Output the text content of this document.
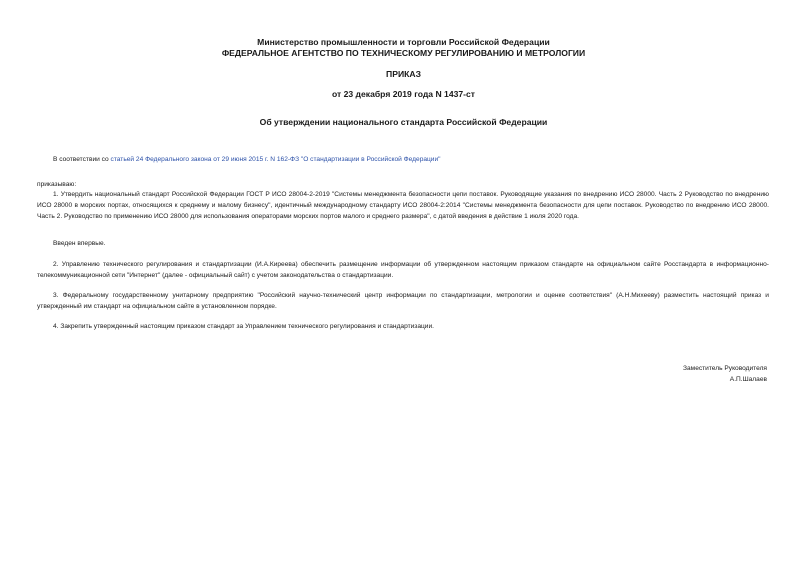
Министерство промышленности и торговли Российской Федерации
ФЕДЕРАЛЬНОЕ АГЕНТСТВО ПО ТЕХНИЧЕСКОМУ РЕГУЛИРОВАНИЮ И МЕТРОЛОГИИ
ПРИКАЗ
от 23 декабря 2019 года N 1437-ст
Об утверждении национального стандарта Российской Федерации
В соответствии со статьей 24 Федерального закона от 29 июня 2015 г. N 162-ФЗ "О стандартизации в Российской Федерации"
приказываю:
1. Утвердить национальный стандарт Российской Федерации ГОСТ Р ИСО 28004-2-2019 "Системы менеджмента безопасности цепи поставок. Руководящие указания по внедрению ИСО 28000. Часть 2 Руководство по внедрению ИСО 28000 в морских портах, относящихся к среднему и малому бизнесу", идентичный международному стандарту ИСО 28004-2:2014 "Системы менеджмента безопасности для цепи поставок. Руководство по внедрению ИСО 28000. Часть 2. Руководство по применению ИСО 28000 для использования операторами морских портов малого и среднего размера", с датой введения в действие 1 июля 2020 года.
Введен впервые.
2. Управлению технического регулирования и стандартизации (И.А.Киреева) обеспечить размещение информации об утвержденном настоящим приказом стандарте на официальном сайте Росстандарта в информационно-телекоммуникационной сети "Интернет" (далее - официальный сайт) с учетом законодательства о стандартизации.
3. Федеральному государственному унитарному предприятию "Российский научно-технический центр информации по стандартизации, метрологии и оценке соответствия" (А.Н.Михееву) разместить настоящий приказ и утвержденный им стандарт на официальном сайте в установленном порядке.
4. Закрепить утвержденный настоящим приказом стандарт за Управлением технического регулирования и стандартизации.
Заместитель Руководителя
А.П.Шалаев
